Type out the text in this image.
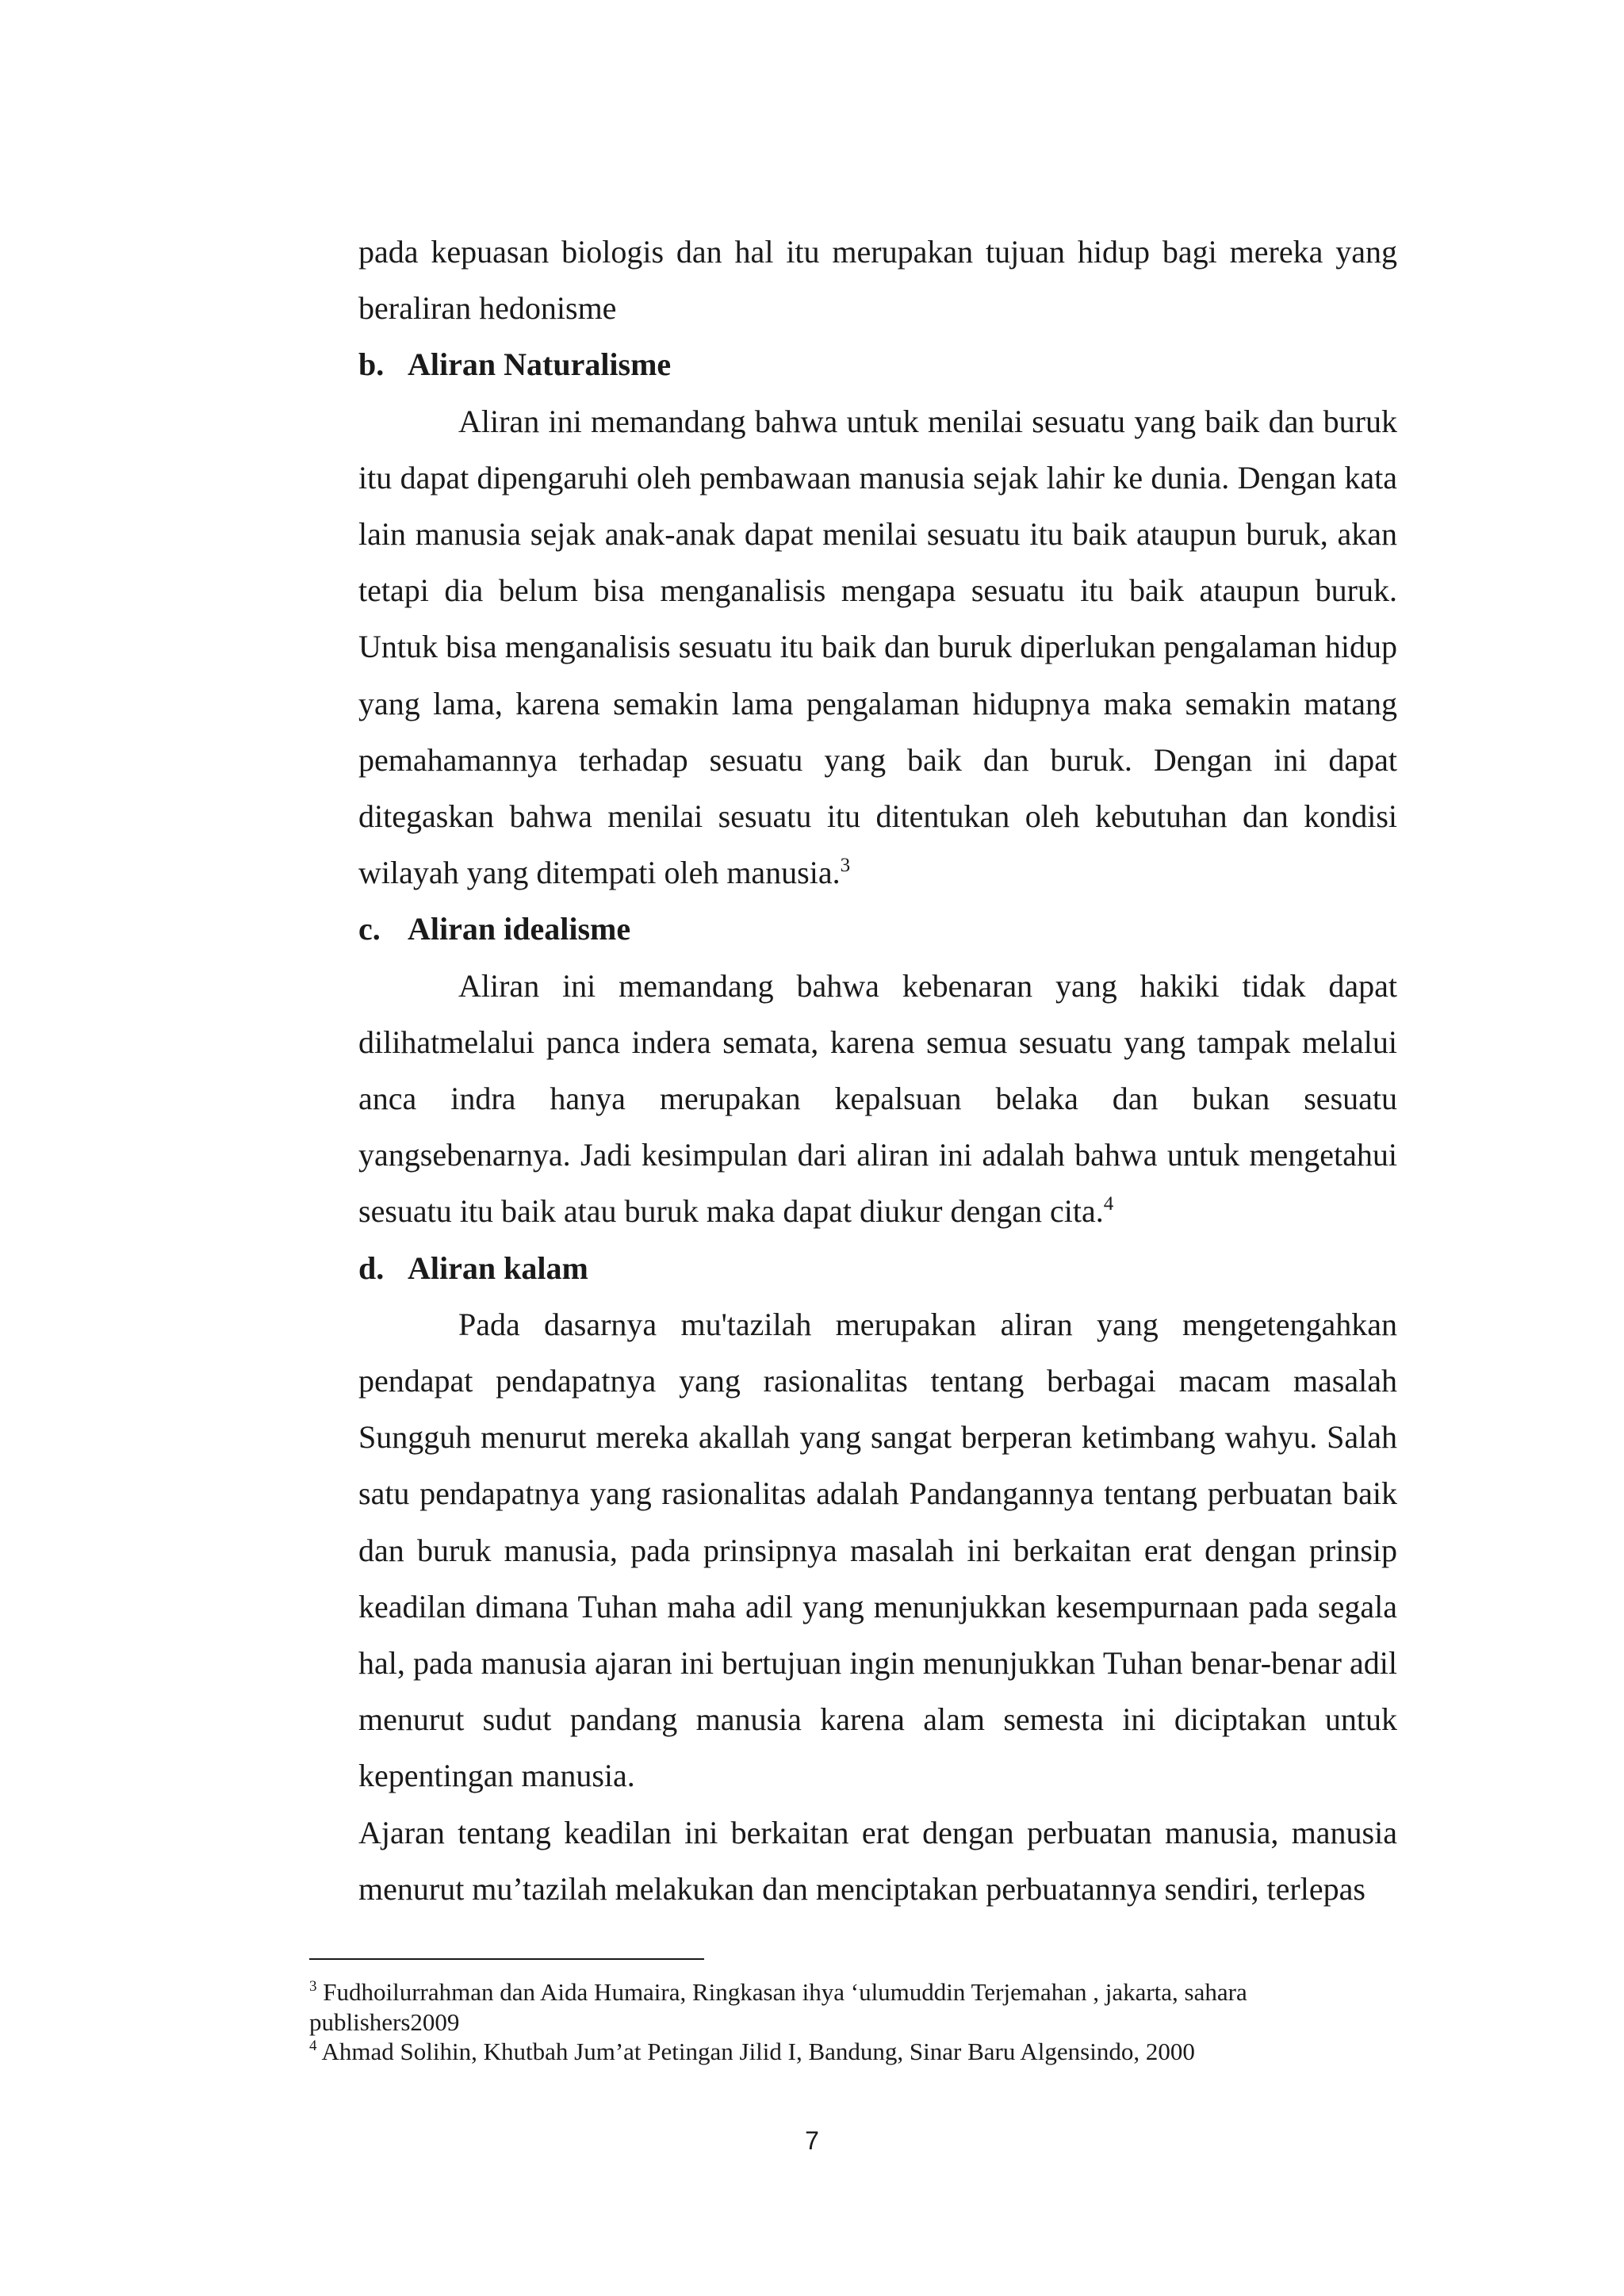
pada kepuasan biologis dan hal itu merupakan tujuan hidup bagi mereka yang beraliran hedonisme

b. Aliran Naturalisme

Aliran ini memandang bahwa untuk menilai sesuatu yang baik dan buruk itu dapat dipengaruhi oleh pembawaan manusia sejak lahir ke dunia. Dengan kata lain manusia sejak anak-anak dapat menilai sesuatu itu baik ataupun buruk, akan tetapi dia belum bisa menganalisis mengapa sesuatu itu baik ataupun buruk. Untuk bisa menganalisis sesuatu itu baik dan buruk diperlukan pengalaman hidup yang lama, karena semakin lama pengalaman hidupnya maka semakin matang pemahamannya terhadap sesuatu yang baik dan buruk. Dengan ini dapat ditegaskan bahwa menilai sesuatu itu ditentukan oleh kebutuhan dan kondisi wilayah yang ditempati oleh manusia.$^3$

c. Aliran idealisme

Aliran ini memandang bahwa kebenaran yang hakiki tidak dapat dilihatmelalui panca indera semata, karena semua sesuatu yang tampak melalui anca indra hanya merupakan kepalsuan belaka dan bukan sesuatu yangsebenarnya. Jadi kesimpulan dari aliran ini adalah bahwa untuk mengetahui sesuatu itu baik atau buruk maka dapat diukur dengan cita.$^4$

d. Aliran kalam

Pada dasarnya mu'tazilah merupakan aliran yang mengetengahkan pendapat pendapatnya yang rasionalitas tentang berbagai macam masalah Sungguh menurut mereka akallah yang sangat berperan ketimbang wahyu. Salah satu pendapatnya yang rasionalitas adalah Pandangannya tentang perbuatan baik dan buruk manusia, pada prinsipnya masalah ini berkaitan erat dengan prinsip keadilan dimana Tuhan maha adil yang menunjukkan kesempurnaan pada segala hal, pada manusia ajaran ini bertujuan ingin menunjukkan Tuhan benar-benar adil menurut sudut pandang manusia karena alam semesta ini diciptakan untuk kepentingan manusia.

Ajaran tentang keadilan ini berkaitan erat dengan perbuatan manusia, manusia menurut mu’tazilah melakukan dan menciptakan perbuatannya sendiri, terlepas

$^3$ Fudhoilurrahman dan Aida Humaira, Ringkasan ihya ‘ulumuddin Terjemahan , jakarta, sahara publishers2009

$^4$ Ahmad Solihin, Khutbah Jum’at Petingan Jilid I, Bandung, Sinar Baru Algensindo, 2000

7
